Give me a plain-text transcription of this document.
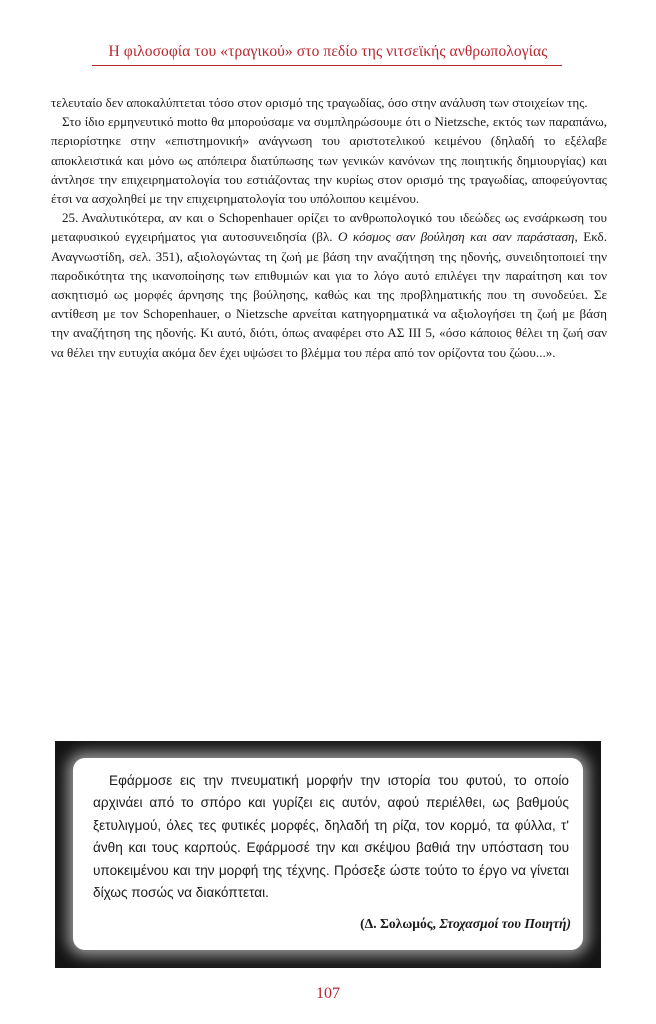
Η φιλοσοφία του «τραγικού» στο πεδίο της νιτσεϊκής ανθρωπολογίας

τελευταίο δεν αποκαλύπτεται τόσο στον ορισμό της τραγωδίας, όσο στην ανάλυση των στοιχείων της.

Στο ίδιο ερμηνευτικό motto θα μπορούσαμε να συμπληρώσουμε ότι ο Nietzsche, εκτός των παραπάνω, περιορίστηκε στην «επιστημονική» ανάγνωση του αριστοτελικού κειμένου (δηλαδή το εξέλαβε αποκλειστικά και μόνο ως απόπειρα διατύπωσης των γενικών κανόνων της ποιητικής δημιουργίας) και άντλησε την επιχειρηματολογία του εστιάζοντας την κυρίως στον ορισμό της τραγωδίας, αποφεύγοντας έτσι να ασχοληθεί με την επιχειρηματολογία του υπόλοιπου κειμένου.

25. Αναλυτικότερα, αν και ο Schopenhauer ορίζει το ανθρωπολογικό του ιδεώδες ως ενσάρκωση του μεταφυσικού εγχειρήματος για αυτοσυνειδησία (βλ. Ο κόσμος σαν βούληση και σαν παράσταση, Εκδ. Αναγνωστίδη, σελ. 351), αξιολογώντας τη ζωή με βάση την αναζήτηση της ηδονής, συνειδητοποιεί την παροδικότητα της ικανοποίησης των επιθυμιών και για το λόγο αυτό επιλέγει την παραίτηση και τον ασκητισμό ως μορφές άρνησης της βούλησης, καθώς και της προβληματικής που τη συνοδεύει. Σε αντίθεση με τον Schopenhauer, ο Nietzsche αρνείται κατηγορηματικά να αξιολογήσει τη ζωή με βάση την αναζήτηση της ηδονής. Κι αυτό, διότι, όπως αναφέρει στο ΑΣ ΙΙΙ 5, «όσο κάποιος θέλει τη ζωή σαν να θέλει την ευτυχία ακόμα δεν έχει υψώσει το βλέμμα του πέρα από τον ορίζοντα του ζώου...».

Εφάρμοσε εις την πνευματική μορφήν την ιστορία του φυτού, το οποίο αρχινάει από το σπόρο και γυρίζει εις αυτόν, αφού περιέλθει, ως βαθμούς ξετυλιγμού, όλες τες φυτικές μορφές, δηλαδή τη ρίζα, τον κορμό, τα φύλλα, τ' άνθη και τους καρπούς. Εφάρμοσέ την και σκέψου βαθιά την υπόσταση του υποκειμένου και την μορφή της τέχνης. Πρόσεξε ώστε τούτο το έργο να γίνεται δίχως ποσώς να διακόπτεται.

(Δ. Σολωμός, Στοχασμοί του Ποιητή)
107
